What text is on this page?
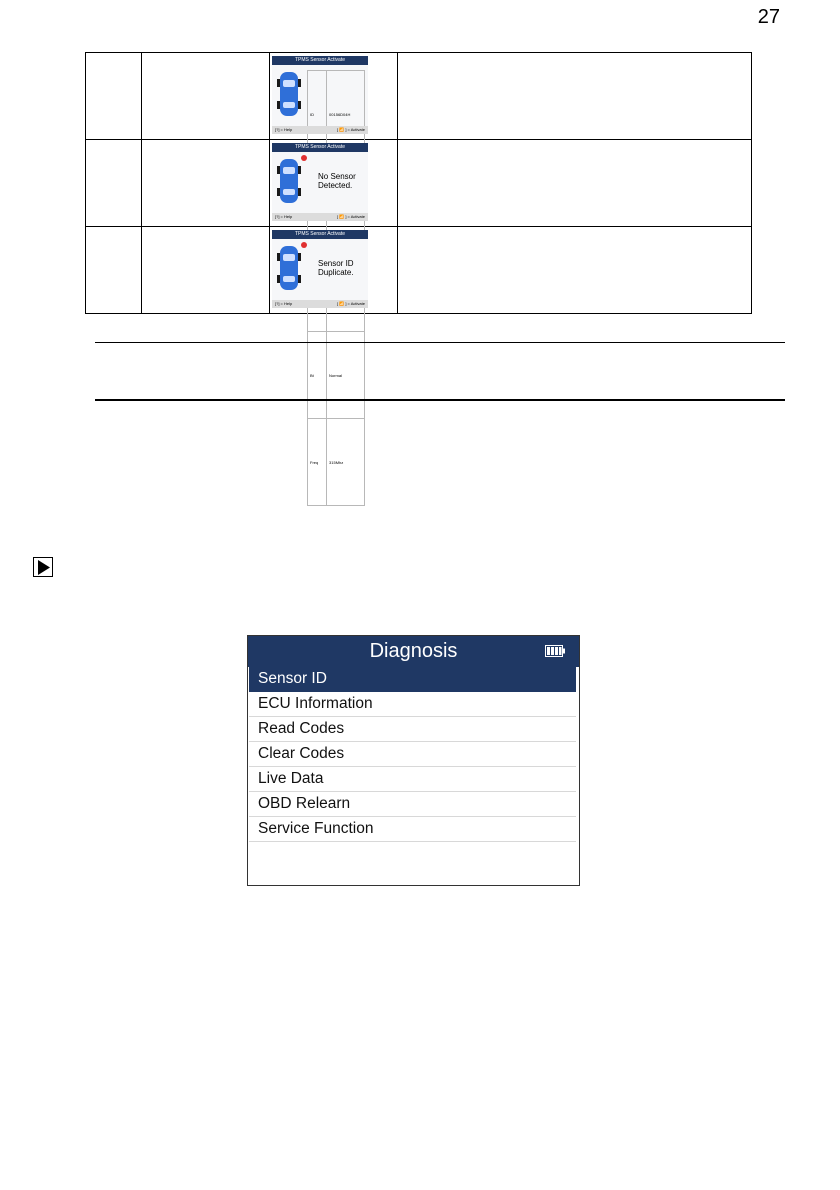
27

TPMS Sensor Activate
ID	00156D04H

Bt	Normal
Freq	315Mhz
[?] = Help	[ 📶 ] = Activate

TPMS Sensor Activate
No Sensor
Detected.
[?] = Help	[ 📶 ] = Activate

TPMS Sensor Activate
Sensor ID
Duplicate.
[?] = Help	[ 📶 ] = Activate

Diagnosis
Sensor ID
ECU Information
Read Codes
Clear Codes
Live Data
OBD Relearn
Service Function
